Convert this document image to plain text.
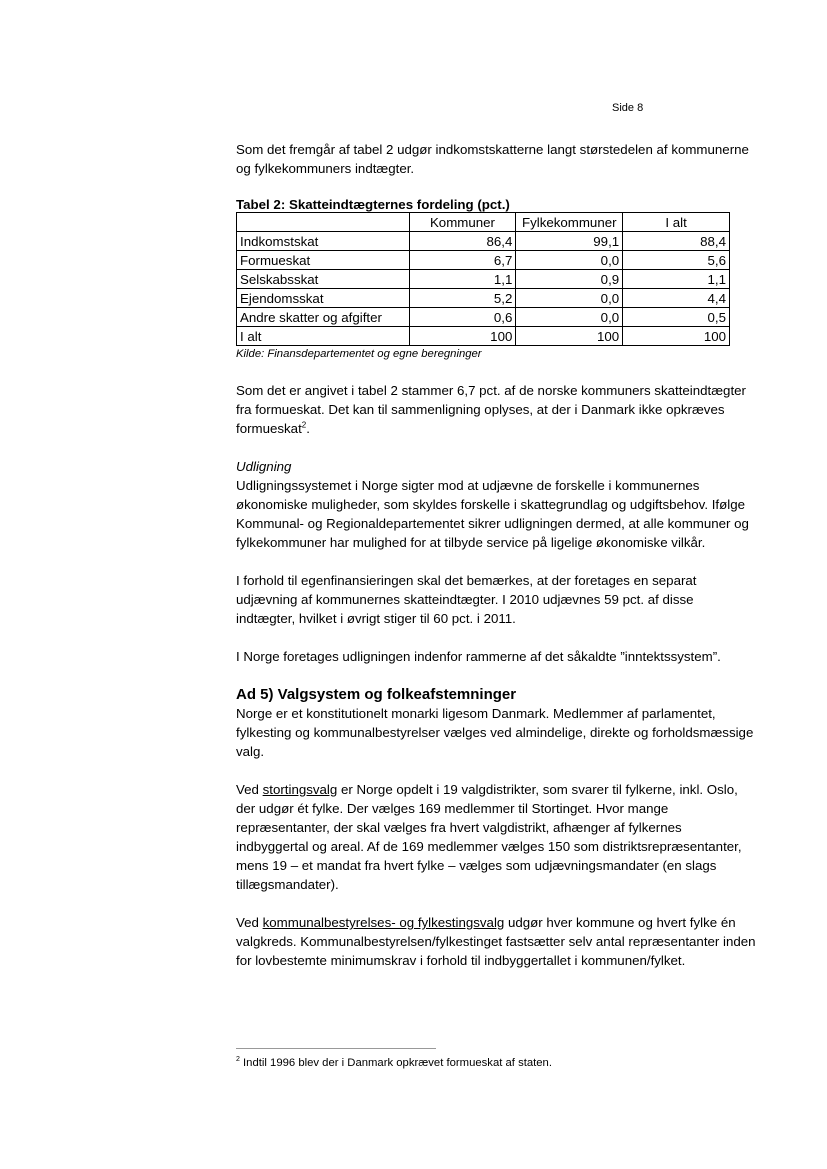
Side 8

Som det fremgår af tabel 2 udgør indkomstskatterne langt størstedelen af kommunerne og fylkekommuners indtægter.

Tabel 2: Skatteindtægternes fordeling (pct.)
	Kommuner	Fylkekommuner	I alt
Indkomstskat	86,4	99,1	88,4
Formueskat	6,7	0,0	5,6
Selskabsskat	1,1	0,9	1,1
Ejendomsskat	5,2	0,0	4,4
Andre skatter og afgifter	0,6	0,0	0,5
I alt	100	100	100
Kilde: Finansdepartementet og egne beregninger

Som det er angivet i tabel 2 stammer 6,7 pct. af de norske kommuners skatteindtægter fra formueskat. Det kan til sammenligning oplyses, at der i Danmark ikke opkræves formueskat$^2$.

Udligning

Udligningssystemet i Norge sigter mod at udjævne de forskelle i kommunernes økonomiske muligheder, som skyldes forskelle i skattegrundlag og udgiftsbehov. Ifølge Kommunal- og Regionaldepartementet sikrer udligningen dermed, at alle kommuner og fylkekommuner har mulighed for at tilbyde service på ligelige økonomiske vilkår.

I forhold til egenfinansieringen skal det bemærkes, at der foretages en separat udjævning af kommunernes skatteindtægter. I 2010 udjævnes 59 pct. af disse indtægter, hvilket i øvrigt stiger til 60 pct. i 2011.

I Norge foretages udligningen indenfor rammerne af det såkaldte ”inntektssystem”.

Ad 5) Valgsystem og folkeafstemninger

Norge er et konstitutionelt monarki ligesom Danmark. Medlemmer af parlamentet, fylkesting og kommunalbestyrelser vælges ved almindelige, direkte og forholdsmæssige valg.

Ved stortingsvalg er Norge opdelt i 19 valgdistrikter, som svarer til fylkerne, inkl. Oslo, der udgør ét fylke. Der vælges 169 medlemmer til Stortinget. Hvor mange repræsentanter, der skal vælges fra hvert valgdistrikt, afhænger af fylkernes indbyggertal og areal. Af de 169 medlemmer vælges 150 som distriktsrepræsentanter, mens 19 – et mandat fra hvert fylke – vælges som udjævningsmandater (en slags tillægsmandater).

Ved kommunalbestyrelses- og fylkestingsvalg udgør hver kommune og hvert fylke én valgkreds. Kommunalbestyrelsen/fylkestinget fastsætter selv antal repræsentanter inden for lovbestemte minimumskrav i forhold til indbyggertallet i kommunen/fylket.

$^2$ Indtil 1996 blev der i Danmark opkrævet formueskat af staten.
